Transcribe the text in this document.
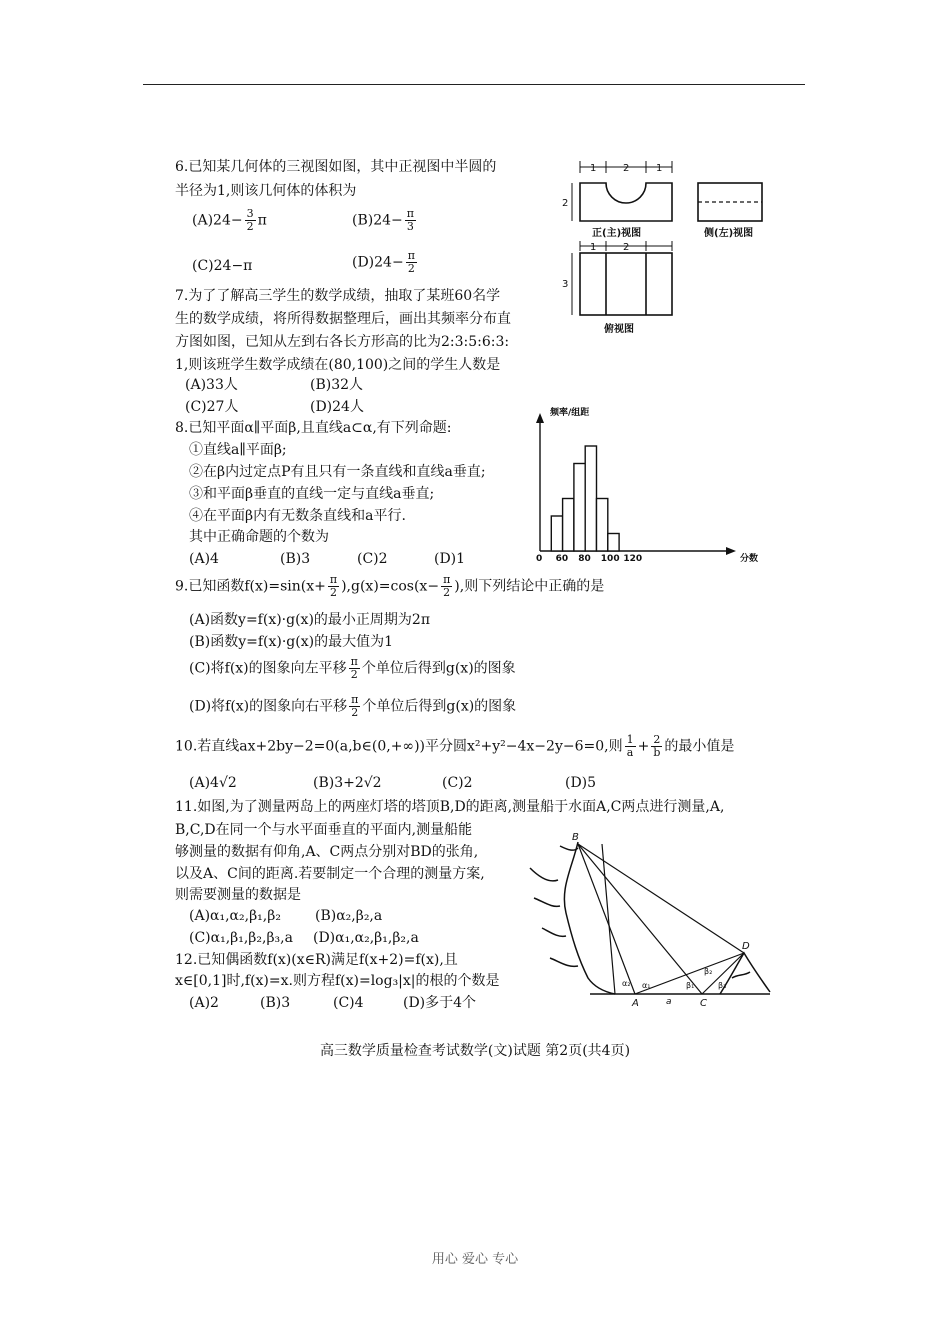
6.已知某几何体的三视图如图，其中正视图中半圆的
半径为1,则该几何体的体积为
$(A)24- \frac{3}{2}$ π	$(B)24- \frac{\pi}{3}$
(C)24−π	$(D)24- \frac{\pi}{2}$
1	2	1
2
正(主)视图	侧(左)视图
1	2
3
俯视图
7.为了了解高三学生的数学成绩，抽取了某班60名学
生的数学成绩，将所得数据整理后，画出其频率分布直
方图如图，已知从左到右各长方形高的比为2:3:5:6:3:
1,则该班学生数学成绩在(80,100)之间的学生人数是
(A)33人	(B)32人
(C)27人	(D)24人	频率/组距
分数
0 60 80 100 120
8.已知平面α∥平面β,且直线a⊂α,有下列命题:
①直线a∥平面β;
②在β内过定点P有且只有一条直线和直线a垂直;
③和平面β垂直的直线一定与直线a垂直;
④在平面β内有无数条直线和a平行.
其中正确命题的个数为
(A)4	(B)3	(C)2	(D)1
9.已知函数$f(x)=\sin(x+ \frac{\pi}{2} ),g(x)=\cos(x- \frac{\pi}{2}$ ),则下列结论中正确的是
(A)函数y=f(x)·g(x)的最小正周期为2π
(B)函数y=f(x)·g(x)的最大值为1
(C)将f(x)的图象向左平移 $\frac{\pi}{2}$ 个单位后得到g(x)的图象
(D)将f(x)的图象向右平移 $\frac{\pi}{2}$ 个单位后得到g(x)的图象
10.若直线ax+2by−2=0(a,b∈(0,+∞))平分圆x²+y²−4x−2y−6=0,则 $\frac{1}{a} + \frac{2}{b}$ 的最小值是
(A)4√2	(B)3+2√2	(C)2	(D)5
11.如图,为了测量两岛上的两座灯塔的塔顶B,D的距离,测量船于水面A,C两点进行测量,A,
B,C,D在同一个与水平面垂直的平面内,测量船能
够测量的数据有仰角,A、C两点分别对BD的张角,
以及A、C间的距离.若要制定一个合理的测量方案,
则需要测量的数据是
(A)α₁,α₂,β₁,β₂ (B)α₂,β₂,a
(C)α₁,β₁,β₂,β₃,a (D)α₁,α₂,β₁,β₂,a
B
D
A	C
a
α₂ α₁	β₁
β₂
β₃
12.已知偶函数f(x)(x∈R)满足f(x+2)=f(x),且
x∈[0,1]时,f(x)=x.则方程f(x)=log₃|x|的根的个数是
(A)2	(B)3	(C)4	(D)多于4个
高三数学质量检查考试数学(文)试题 第2页(共4页)
用心 爱心 专心
